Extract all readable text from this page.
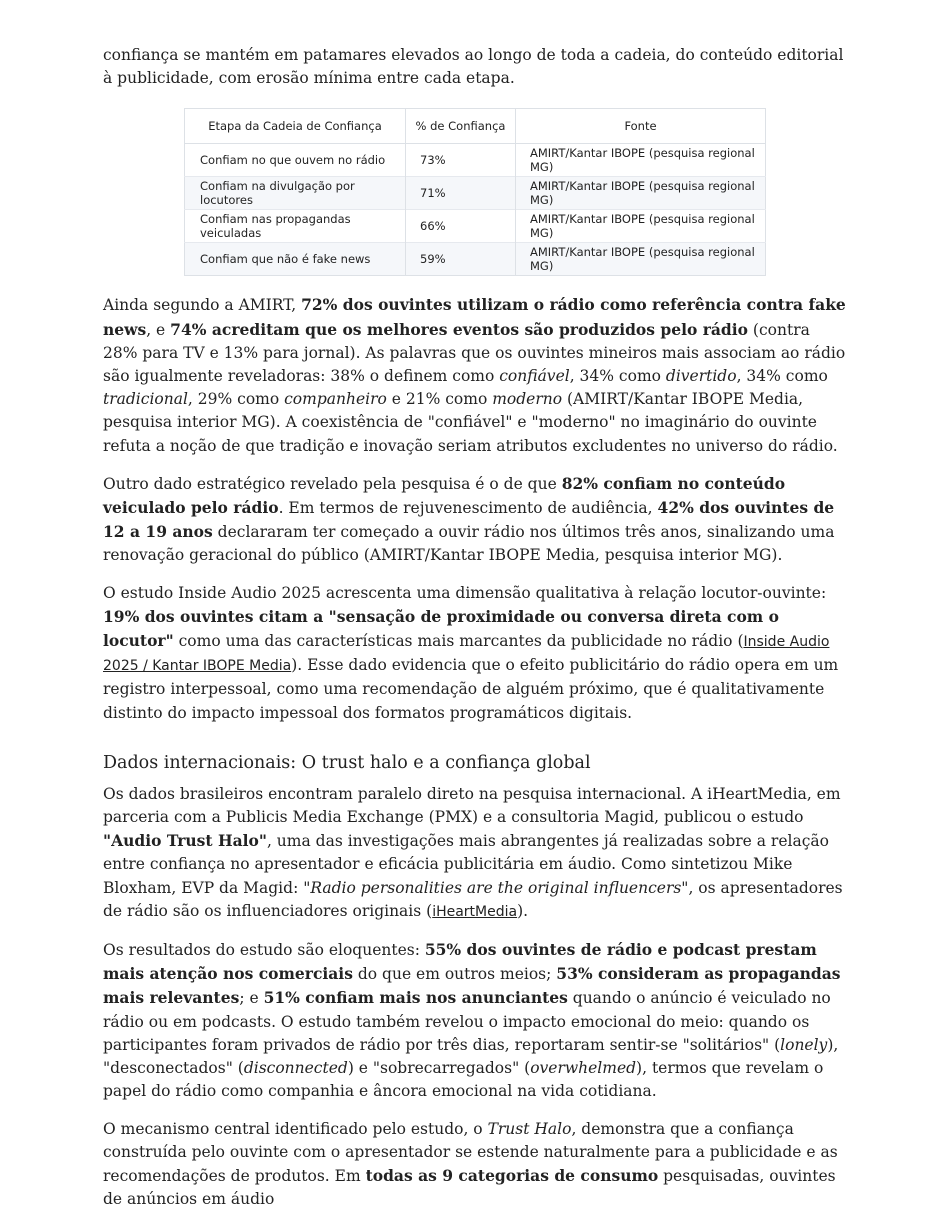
confiança se mantém em patamares elevados ao longo de toda a cadeia, do conteúdo editorial à publicidade, com erosão mínima entre cada etapa.

Etapa da Cadeia de Confiança	% de Confiança	Fonte
Confiam no que ouvem no rádio	73%	AMIRT/Kantar IBOPE (pesquisa regional MG)
Confiam na divulgação por locutores	71%	AMIRT/Kantar IBOPE (pesquisa regional MG)
Confiam nas propagandas veiculadas	66%	AMIRT/Kantar IBOPE (pesquisa regional MG)
Confiam que não é fake news	59%	AMIRT/Kantar IBOPE (pesquisa regional MG)

Ainda segundo a AMIRT, 72% dos ouvintes utilizam o rádio como referência contra fake news, e 74% acreditam que os melhores eventos são produzidos pelo rádio (contra 28% para TV e 13% para jornal). As palavras que os ouvintes mineiros mais associam ao rádio são igualmente reveladoras: 38% o definem como confiável, 34% como divertido, 34% como tradicional, 29% como companheiro e 21% como moderno (AMIRT/Kantar IBOPE Media, pesquisa interior MG). A coexistência de "confiável" e "moderno" no imaginário do ouvinte refuta a noção de que tradição e inovação seriam atributos excludentes no universo do rádio.

Outro dado estratégico revelado pela pesquisa é o de que 82% confiam no conteúdo veiculado pelo rádio. Em termos de rejuvenescimento de audiência, 42% dos ouvintes de 12 a 19 anos declararam ter começado a ouvir rádio nos últimos três anos, sinalizando uma renovação geracional do público (AMIRT/Kantar IBOPE Media, pesquisa interior MG).

O estudo Inside Audio 2025 acrescenta uma dimensão qualitativa à relação locutor-ouvinte: 19% dos ouvintes citam a "sensação de proximidade ou conversa direta com o locutor" como uma das características mais marcantes da publicidade no rádio (Inside Audio 2025 / Kantar IBOPE Media). Esse dado evidencia que o efeito publicitário do rádio opera em um registro interpessoal, como uma recomendação de alguém próximo, que é qualitativamente distinto do impacto impessoal dos formatos programáticos digitais.

Dados internacionais: O trust halo e a confiança global

Os dados brasileiros encontram paralelo direto na pesquisa internacional. A iHeartMedia, em parceria com a Publicis Media Exchange (PMX) e a consultoria Magid, publicou o estudo "Audio Trust Halo", uma das investigações mais abrangentes já realizadas sobre a relação entre confiança no apresentador e eficácia publicitária em áudio. Como sintetizou Mike Bloxham, EVP da Magid: "Radio personalities are the original influencers", os apresentadores de rádio são os influenciadores originais (iHeartMedia).

Os resultados do estudo são eloquentes: 55% dos ouvintes de rádio e podcast prestam mais atenção nos comerciais do que em outros meios; 53% consideram as propagandas mais relevantes; e 51% confiam mais nos anunciantes quando o anúncio é veiculado no rádio ou em podcasts. O estudo também revelou o impacto emocional do meio: quando os participantes foram privados de rádio por três dias, reportaram sentir-se "solitários" (lonely), "desconectados" (disconnected) e "sobrecarregados" (overwhelmed), termos que revelam o papel do rádio como companhia e âncora emocional na vida cotidiana.

O mecanismo central identificado pelo estudo, o Trust Halo, demonstra que a confiança construída pelo ouvinte com o apresentador se estende naturalmente para a publicidade e as recomendações de produtos. Em todas as 9 categorias de consumo pesquisadas, ouvintes de anúncios em áudio
